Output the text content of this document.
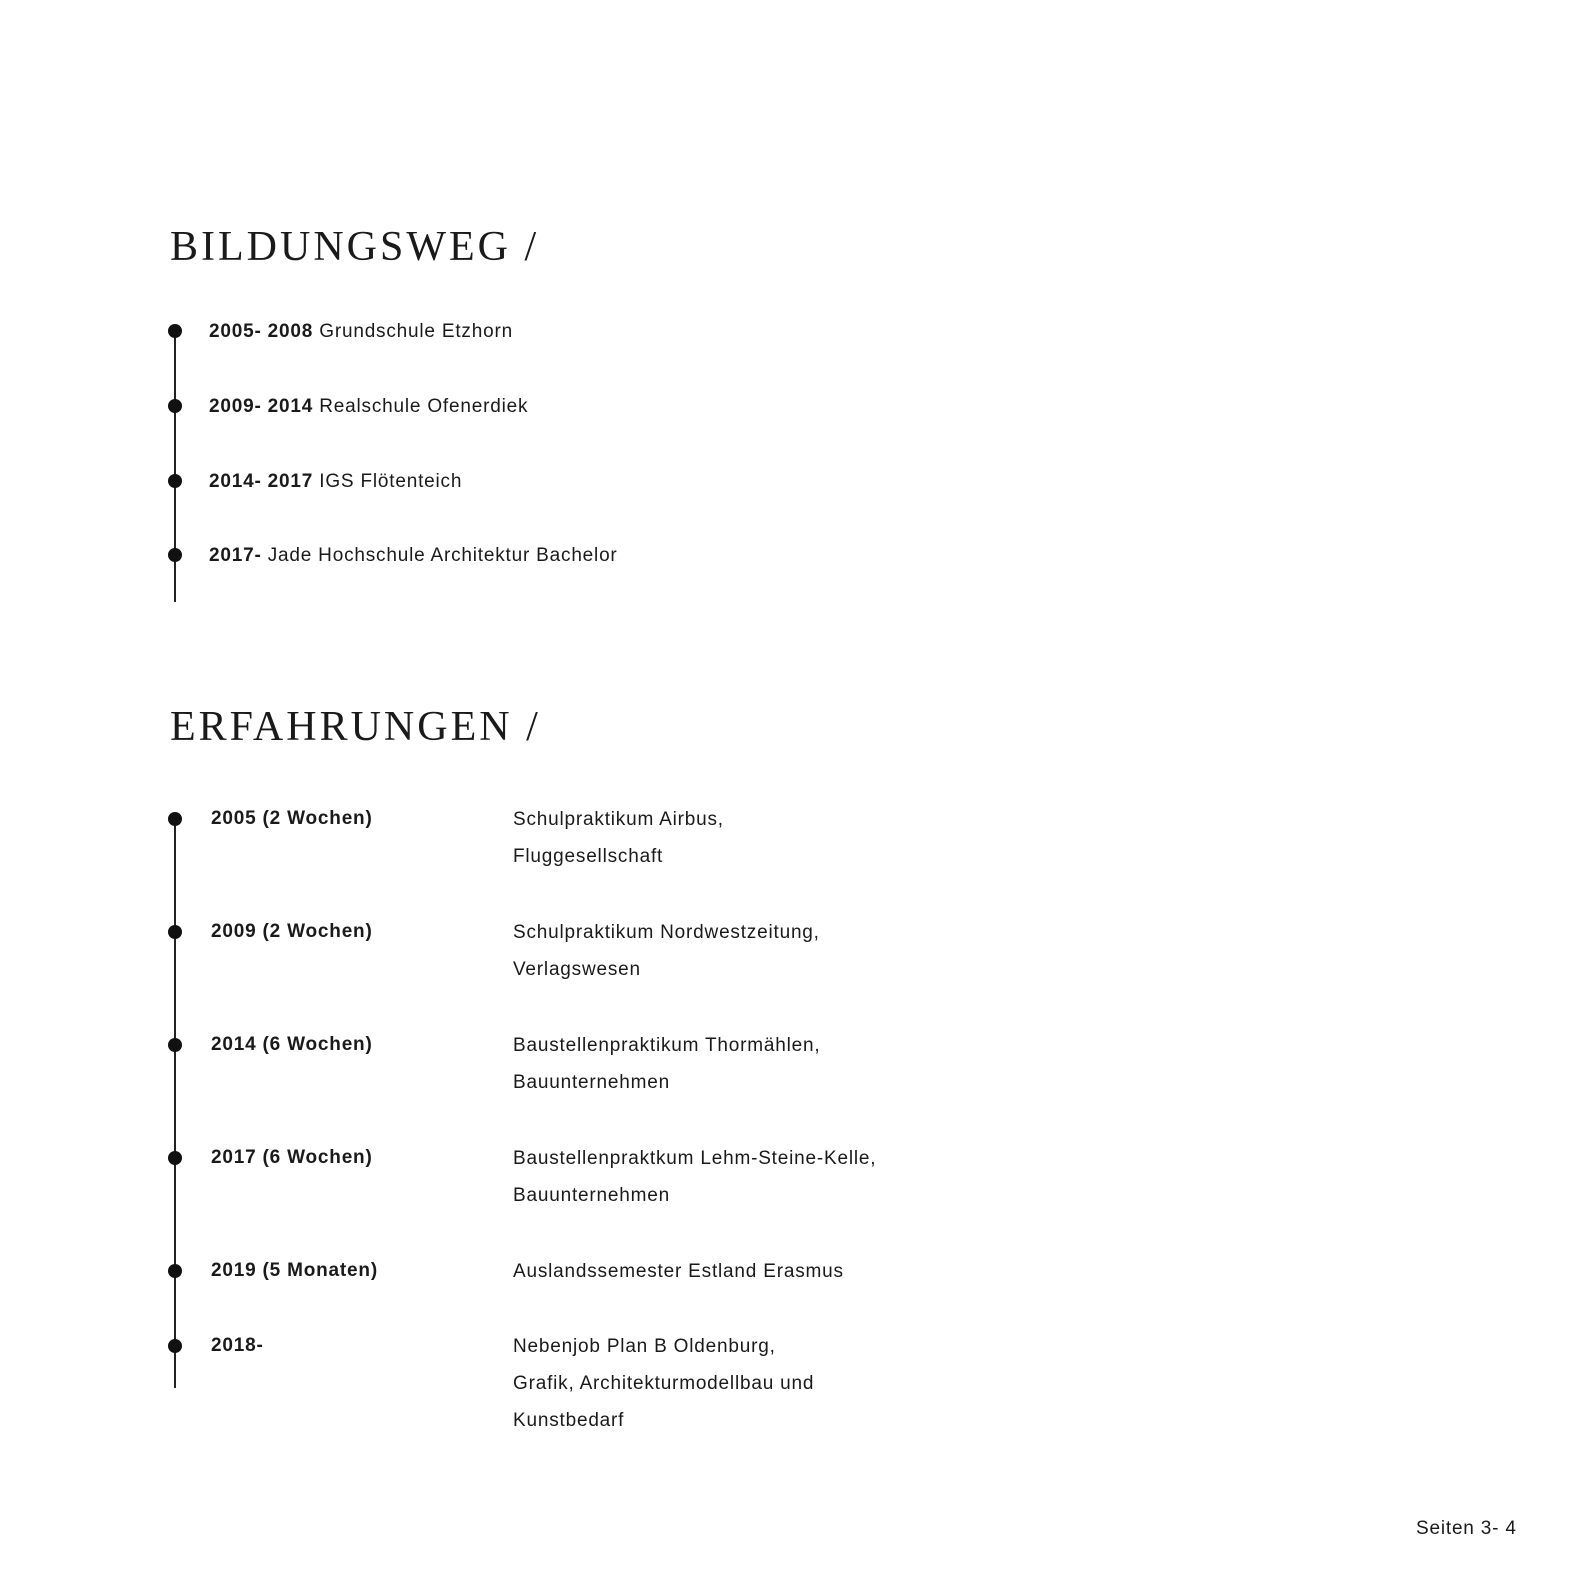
BILDUNGSWEG /
2005- 2008 Grundschule Etzhorn
2009- 2014 Realschule Ofenerdiek
2014- 2017 IGS Flötenteich
2017- Jade Hochschule Architektur Bachelor
ERFAHRUNGEN /
2005 (2 Wochen)	Schulpraktikum Airbus,
Fluggesellschaft
2009 (2 Wochen)	Schulpraktikum Nordwestzeitung,
Verlagswesen
2014 (6 Wochen)	Baustellenpraktikum Thormählen,
Bauunternehmen
2017 (6 Wochen)	Baustellenpraktkum Lehm-Steine-Kelle,
Bauunternehmen
2019 (5 Monaten)	Auslandssemester Estland Erasmus
2018-	Nebenjob Plan B Oldenburg,
Grafik, Architekturmodellbau und
Kunstbedarf
Seiten 3- 4
